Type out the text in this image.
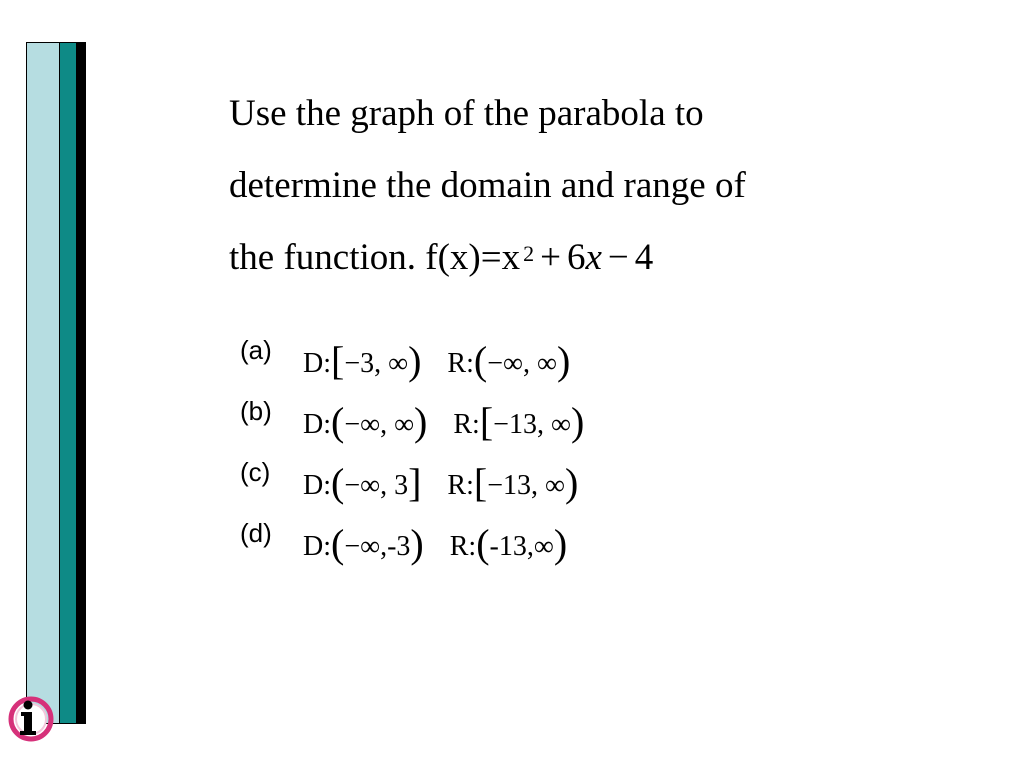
Use the graph of the parabola to
determine the domain and range of
the function. f(x)=x $^2$ + 6x − 4
(a) D:[−3, ∞) R:(−∞, ∞)
(b) D:(−∞, ∞) R:[−13, ∞)
(c) D:(−∞, 3] R:[−13, ∞)
(d) D:(−∞,-3) R:(-13,∞)
